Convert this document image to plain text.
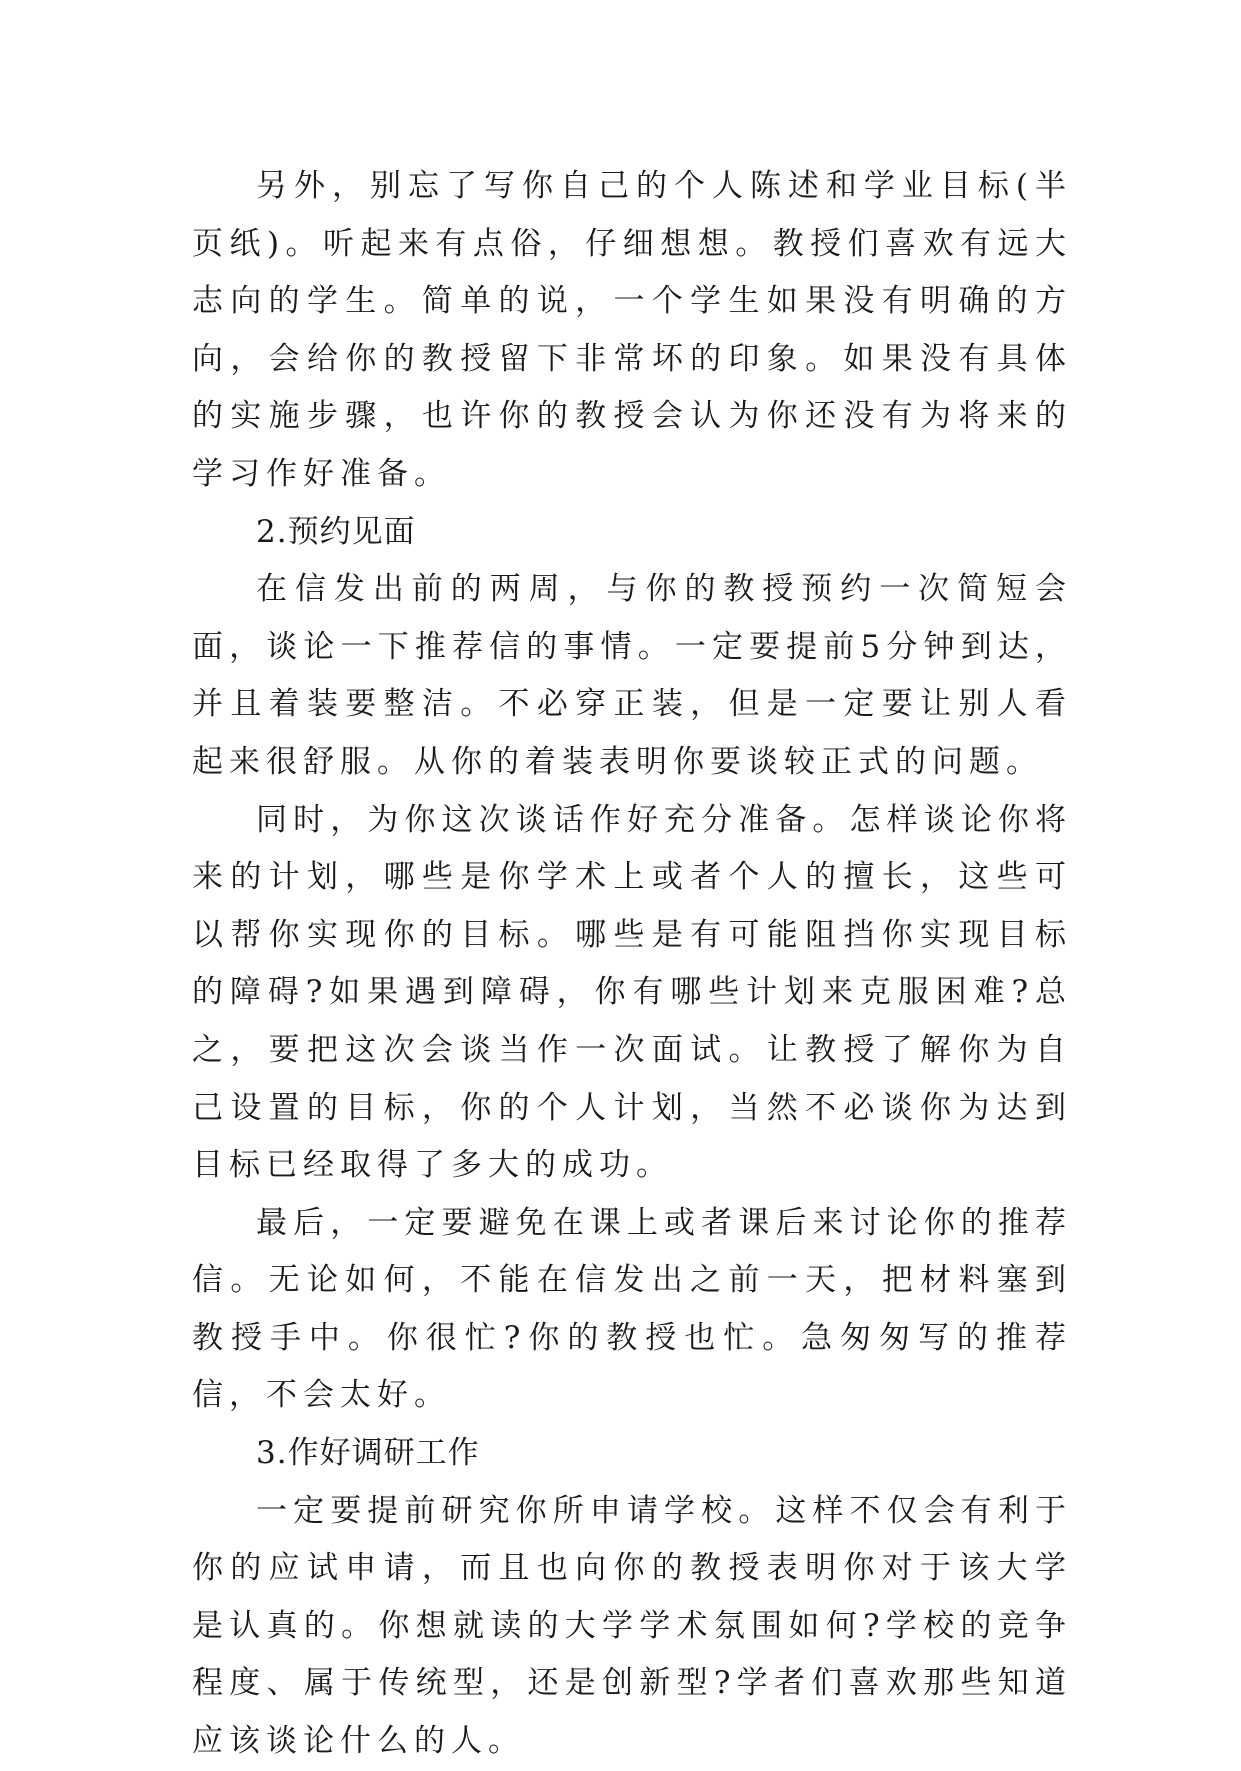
另外，别忘了写你自己的个人陈述和学业目标(半页纸)。听起来有点俗，仔细想想。教授们喜欢有远大志向的学生。简单的说，一个学生如果没有明确的方向，会给你的教授留下非常坏的印象。如果没有具体的实施步骤，也许你的教授会认为你还没有为将来的学习作好准备。

2.预约见面

在信发出前的两周，与你的教授预约一次简短会面，谈论一下推荐信的事情。一定要提前5分钟到达，并且着装要整洁。不必穿正装，但是一定要让别人看起来很舒服。从你的着装表明你要谈较正式的问题。

同时，为你这次谈话作好充分准备。怎样谈论你将来的计划，哪些是你学术上或者个人的擅长，这些可以帮你实现你的目标。哪些是有可能阻挡你实现目标的障碍?如果遇到障碍，你有哪些计划来克服困难?总之，要把这次会谈当作一次面试。让教授了解你为自己设置的目标，你的个人计划，当然不必谈你为达到目标已经取得了多大的成功。

最后，一定要避免在课上或者课后来讨论你的推荐信。无论如何，不能在信发出之前一天，把材料塞到教授手中。你很忙?你的教授也忙。急匆匆写的推荐信，不会太好。

3.作好调研工作

一定要提前研究你所申请学校。这样不仅会有利于你的应试申请，而且也向你的教授表明你对于该大学是认真的。你想就读的大学学术氛围如何?学校的竞争程度、属于传统型，还是创新型?学者们喜欢那些知道应该谈论什么的人。
